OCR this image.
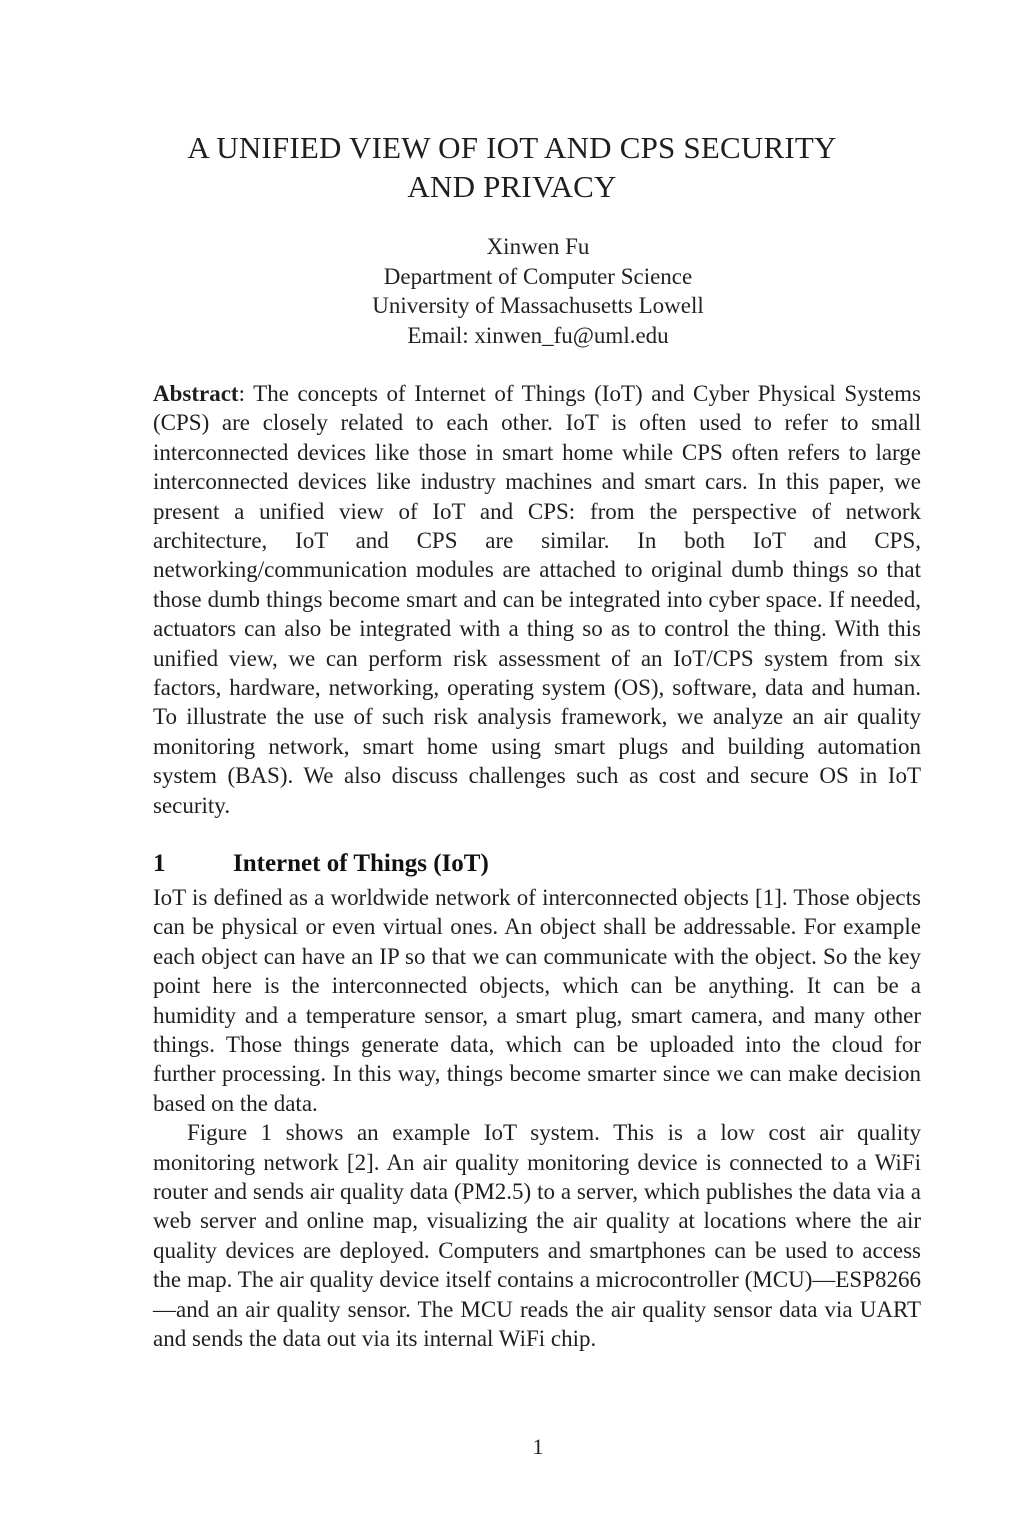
A UNIFIED VIEW OF IOT AND CPS SECURITY
AND PRIVACY
Xinwen Fu
Department of Computer Science
University of Massachusetts Lowell
Email: xinwen_fu@uml.edu
Abstract: The concepts of Internet of Things (IoT) and Cyber Physical Systems (CPS) are closely related to each other. IoT is often used to refer to small interconnected devices like those in smart home while CPS often refers to large interconnected devices like industry machines and smart cars. In this paper, we present a unified view of IoT and CPS: from the perspective of network architecture, IoT and CPS are similar. In both IoT and CPS, networking/communication modules are attached to original dumb things so that those dumb things become smart and can be integrated into cyber space. If needed, actuators can also be integrated with a thing so as to control the thing. With this unified view, we can perform risk assessment of an IoT/CPS system from six factors, hardware, networking, operating system (OS), software, data and human. To illustrate the use of such risk analysis framework, we analyze an air quality monitoring network, smart home using smart plugs and building automation system (BAS). We also discuss challenges such as cost and secure OS in IoT security.
1	Internet of Things (IoT)

IoT is defined as a worldwide network of interconnected objects [1]. Those objects can be physical or even virtual ones. An object shall be addressable. For example each object can have an IP so that we can communicate with the object. So the key point here is the interconnected objects, which can be anything. It can be a humidity and a temperature sensor, a smart plug, smart camera, and many other things. Those things generate data, which can be uploaded into the cloud for further processing. In this way, things become smarter since we can make decision based on the data.

Figure 1 shows an example IoT system. This is a low cost air quality monitoring network [2]. An air quality monitoring device is connected to a WiFi router and sends air quality data (PM2.5) to a server, which publishes the data via a web server and online map, visualizing the air quality at locations where the air quality devices are deployed. Computers and smartphones can be used to access the map. The air quality device itself contains a microcontroller (MCU)—ESP8266—and an air quality sensor. The MCU reads the air quality sensor data via UART and sends the data out via its internal WiFi chip.

1
